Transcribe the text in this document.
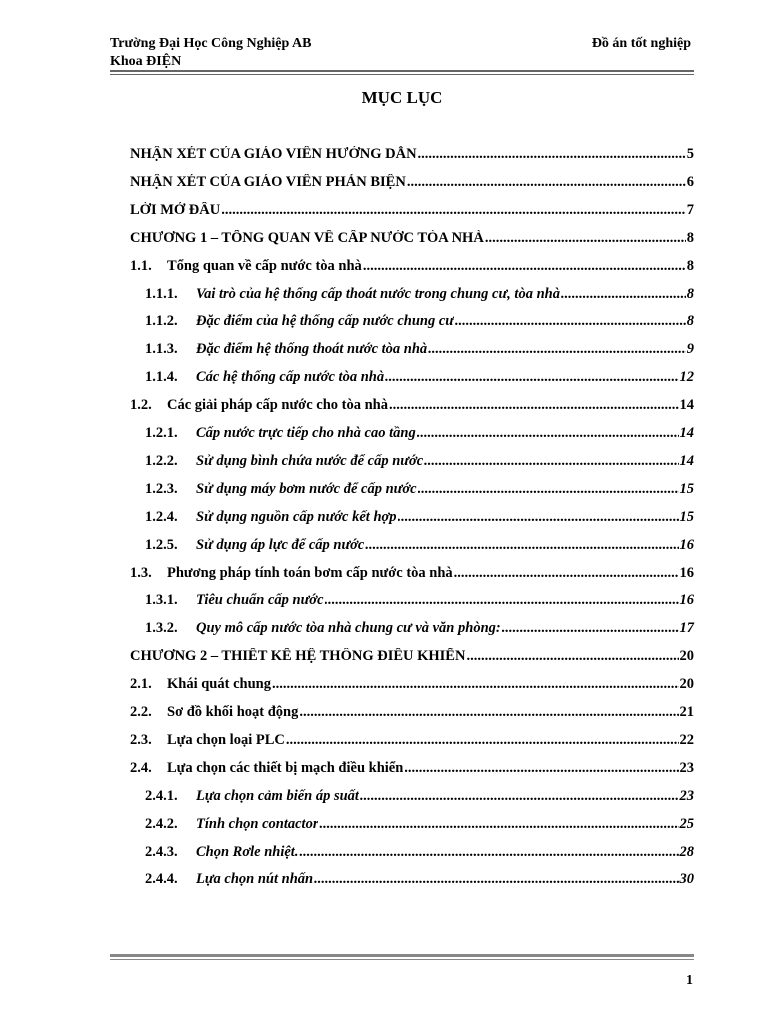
Trường Đại Học Công Nghiệp AB
Khoa ĐIỆN
Đồ án tốt nghiệp
MỤC LỤC
NHẬN XÉT CỦA GIÁO VIÊN HƯỚNG DẪN .....	5
NHẬN XÉT CỦA GIÁO VIÊN PHẢN BIỆN .....	6
LỜI MỞ ĐẦU .....	7
CHƯƠNG 1 – TỔNG QUAN VỀ CẤP NƯỚC TÒA NHÀ .....	8
1.1.	Tổng quan về cấp nước tòa nhà .....	8
1.1.1.	Vai trò của hệ thống cấp thoát nước trong chung cư, tòa nhà .....	8
1.1.2.	Đặc điểm của hệ thống cấp nước chung cư .....	8
1.1.3.	Đặc điểm hệ thống thoát nước tòa nhà .....	9
1.1.4.	Các hệ thống cấp nước tòa nhà .....	12
1.2.	Các giải pháp cấp nước cho tòa nhà .....	14
1.2.1.	Cấp nước trực tiếp cho nhà cao tầng .....	14
1.2.2.	Sử dụng bình chứa nước để cấp nước .....	14
1.2.3.	Sử dụng máy bơm nước để cấp nước .....	15
1.2.4.	Sử dụng nguồn cấp nước kết hợp .....	15
1.2.5.	Sử dụng áp lực để cấp nước .....	16
1.3.	Phương pháp tính toán bơm cấp nước tòa nhà .....	16
1.3.1.	Tiêu chuẩn cấp nước .....	16
1.3.2.	Quy mô cấp nước tòa nhà chung cư và văn phòng: .....	17
CHƯƠNG 2 – THIẾT KẾ HỆ THỐNG ĐIỀU KHIỂN .....	20
2.1.	Khái quát chung .....	20
2.2.	Sơ đồ khối hoạt động .....	21
2.3.	Lựa chọn loại PLC .....	22
2.4.	Lựa chọn các thiết bị mạch điều khiển .....	23
2.4.1.	Lựa chọn cảm biến áp suất .....	23
2.4.2.	Tính chọn contactor .....	25
2.4.3.	Chọn Rơle nhiệt. .....	28
2.4.4.	Lựa chọn nút nhấn .....	30
1
